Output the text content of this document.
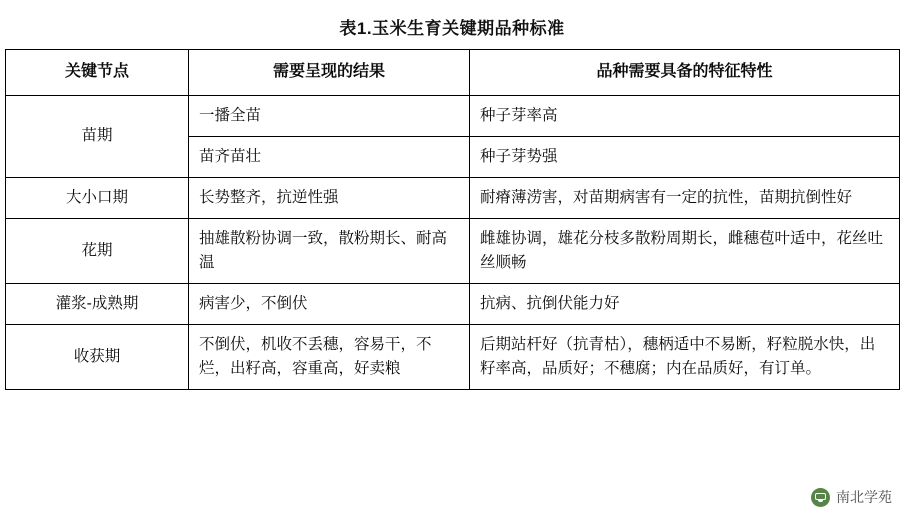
表1.玉米生育关键期品种标准
关键节点	需要呈现的结果	品种需要具备的特征特性
苗期	一播全苗	种子芽率高
	苗齐苗壮	种子芽势强
大小口期	长势整齐，抗逆性强	耐瘠薄涝害，对苗期病害有一定的抗性，苗期抗倒性好
花期	抽雄散粉协调一致，散粉期长、耐高温	雌雄协调，雄花分枝多散粉周期长，雌穗苞叶适中，花丝吐丝顺畅
灌浆-成熟期	病害少，不倒伏	抗病、抗倒伏能力好
收获期	不倒伏，机收不丢穗，容易干，不烂，出籽高，容重高，好卖粮	后期站杆好（抗青枯），穗柄适中不易断，籽粒脱水快，出籽率高，品质好；不穗腐；内在品质好，有订单。
南北学苑
